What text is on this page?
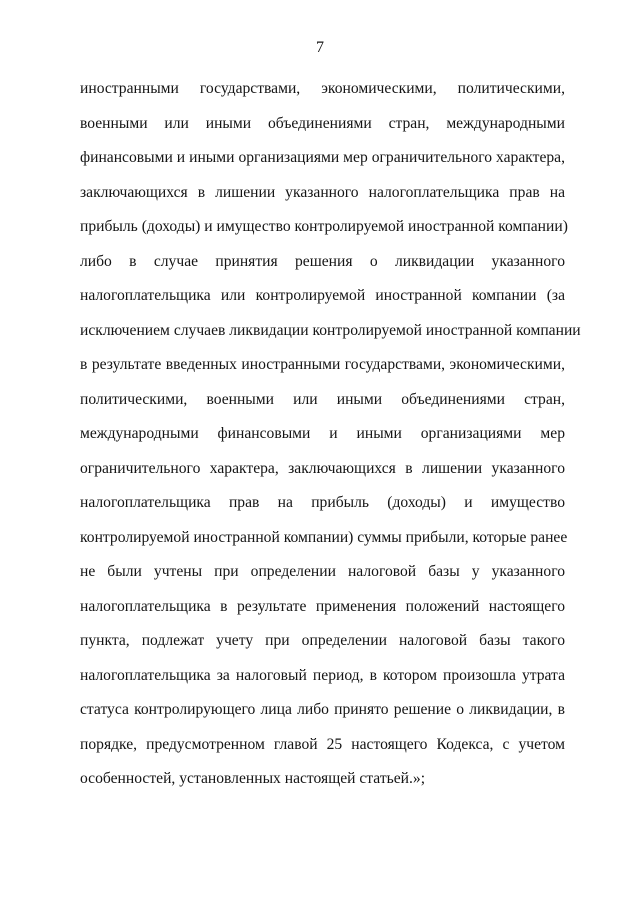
7
иностранными государствами, экономическими, политическими,
военными или иными объединениями стран, международными
финансовыми и иными организациями мер ограничительного характера,
заключающихся в лишении указанного налогоплательщика прав на
прибыль (доходы) и имущество контролируемой иностранной компании)
либо в случае принятия решения о ликвидации указанного
налогоплательщика или контролируемой иностранной компании (за
исключением случаев ликвидации контролируемой иностранной компании
в результате введенных иностранными государствами, экономическими,
политическими, военными или иными объединениями стран,
международными финансовыми и иными организациями мер
ограничительного характера, заключающихся в лишении указанного
налогоплательщика прав на прибыль (доходы) и имущество
контролируемой иностранной компании) суммы прибыли, которые ранее
не были учтены при определении налоговой базы у указанного
налогоплательщика в результате применения положений настоящего
пункта, подлежат учету при определении налоговой базы такого
налогоплательщика за налоговый период, в котором произошла утрата
статуса контролирующего лица либо принято решение о ликвидации, в
порядке, предусмотренном главой 25 настоящего Кодекса, с учетом
особенностей, установленных настоящей статьей.»;
